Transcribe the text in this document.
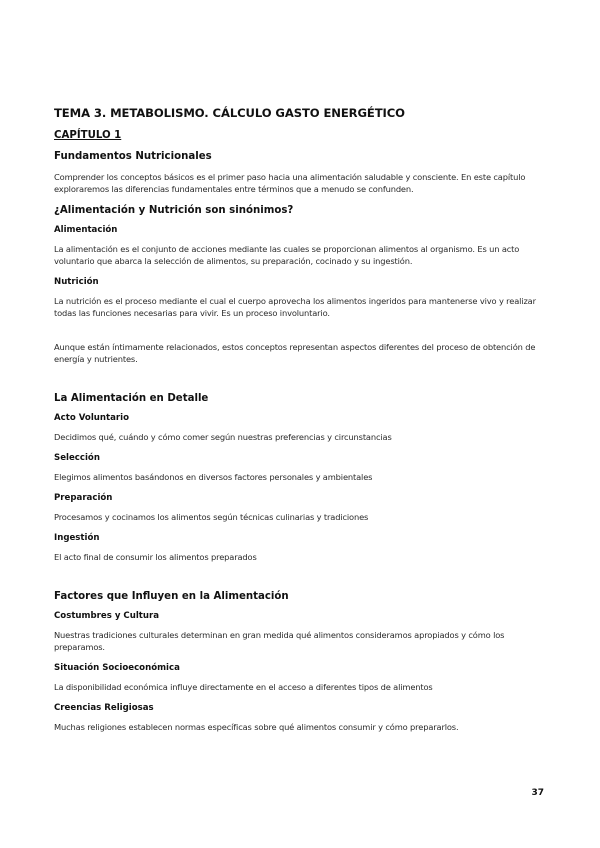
TEMA 3. METABOLISMO. CÁLCULO GASTO ENERGÉTICO
CAPÍTULO 1
Fundamentos Nutricionales
Comprender los conceptos básicos es el primer paso hacia una alimentación saludable y consciente. En este capítulo exploraremos las diferencias fundamentales entre términos que a menudo se confunden.
¿Alimentación y Nutrición son sinónimos?
Alimentación
La alimentación es el conjunto de acciones mediante las cuales se proporcionan alimentos al organismo. Es un acto voluntario que abarca la selección de alimentos, su preparación, cocinado y su ingestión.
Nutrición
La nutrición es el proceso mediante el cual el cuerpo aprovecha los alimentos ingeridos para mantenerse vivo y realizar todas las funciones necesarias para vivir. Es un proceso involuntario.
Aunque están íntimamente relacionados, estos conceptos representan aspectos diferentes del proceso de obtención de energía y nutrientes.
La Alimentación en Detalle
Acto Voluntario
Decidimos qué, cuándo y cómo comer según nuestras preferencias y circunstancias
Selección
Elegimos alimentos basándonos en diversos factores personales y ambientales
Preparación
Procesamos y cocinamos los alimentos según técnicas culinarias y tradiciones
Ingestión
El acto final de consumir los alimentos preparados
Factores que Influyen en la Alimentación
Costumbres y Cultura
Nuestras tradiciones culturales determinan en gran medida qué alimentos consideramos apropiados y cómo los preparamos.
Situación Socioeconómica
La disponibilidad económica influye directamente en el acceso a diferentes tipos de alimentos
Creencias Religiosas
Muchas religiones establecen normas específicas sobre qué alimentos consumir y cómo prepararlos.
37
